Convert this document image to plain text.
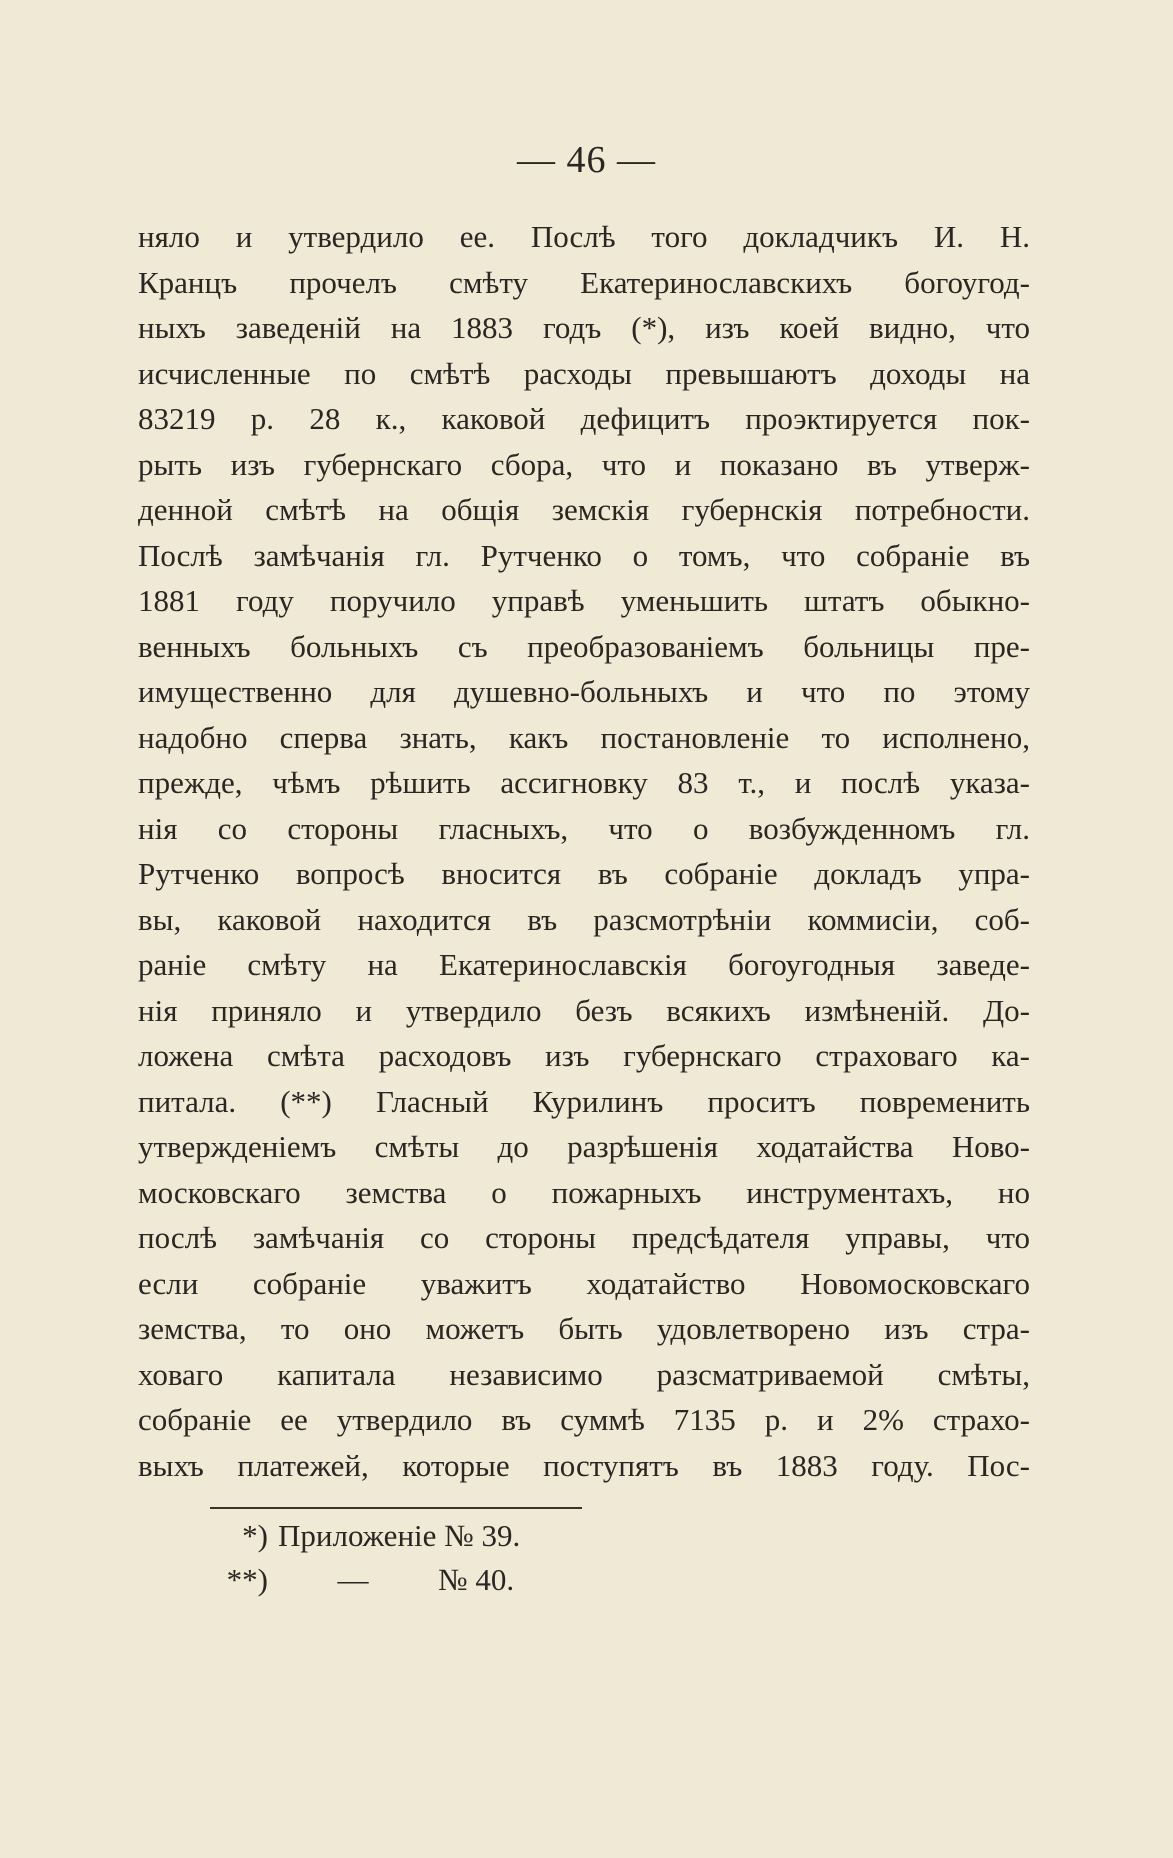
— 46 —
няло и утвердило ее. Послѣ того докладчикъ И. Н.
Кранцъ прочелъ смѣту Екатеринославскихъ богоугод-
ныхъ заведеній на 1883 годъ (*), изъ коей видно, что
исчисленные по смѣтѣ расходы превышаютъ доходы на
83219 р. 28 к., каковой дефицитъ проэктируется пок-
рыть изъ губернскаго сбора, что и показано въ утверж-
денной смѣтѣ на общія земскія губернскія потребности.
Послѣ замѣчанія гл. Рутченко о томъ, что собраніе въ
1881 году поручило управѣ уменьшить штатъ обыкно-
венныхъ больныхъ съ преобразованіемъ больницы пре-
имущественно для душевно-больныхъ и что по этому
надобно сперва знать, какъ постановленіе то исполнено,
прежде, чѣмъ рѣшить ассигновку 83 т., и послѣ указа-
нія со стороны гласныхъ, что о возбужденномъ гл.
Рутченко вопросѣ вносится въ собраніе докладъ упра-
вы, каковой находится въ разсмотрѣніи коммисіи, соб-
раніе смѣту на Екатеринославскія богоугодныя заведе-
нія приняло и утвердило безъ всякихъ измѣненій. До-
ложена смѣта расходовъ изъ губернскаго страховаго ка-
питала. (**) Гласный Курилинъ проситъ повременить
утвержденіемъ смѣты до разрѣшенія ходатайства Ново-
московскаго земства о пожарныхъ инструментахъ, но
послѣ замѣчанія со стороны предсѣдателя управы, что
если собраніе уважитъ ходатайство Новомосковскаго
земства, то оно можетъ быть удовлетворено изъ стра-
ховаго капитала независимо разсматриваемой смѣты,
собраніе ее утвердило въ суммѣ 7135 р. и 2% страхо-
выхъ платежей, которые поступятъ въ 1883 году. Пос-
*) Приложеніе № 39.
**)	—	№ 40.
